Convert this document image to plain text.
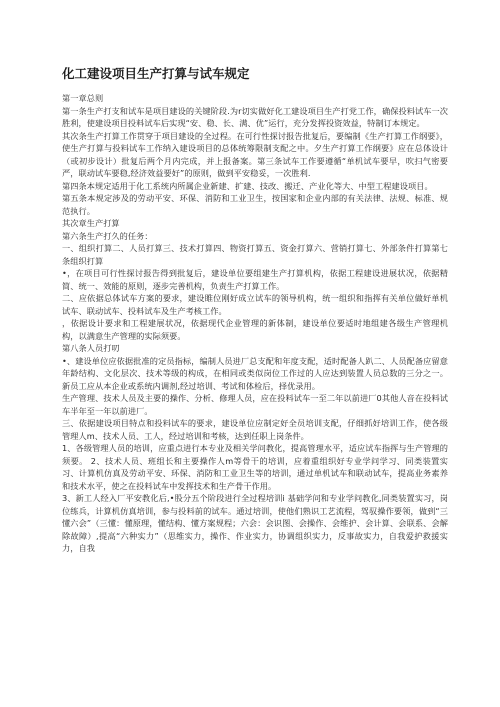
化工建设项目生产打算与试车规定

第一章总则

第一条生产打支和试车是项目建设的关键阶段.为r切实做好化工建设项目生产打党工作，确保投料试车一次胜利，使建设项目投料试车后实现“安、稳、长、满、优”运行，充分发挥投资效益，特制订本规定。

其次条生产打算工作贯穿于项目建设的全过程。在可行性探讨报告批复后，要编制《生产打算工作纲要》，使生产打算与投料试车工作纳入建设项目的总体统筹限制支配之中。夕生产打算工作纲要》应在总体设计（或初步设计）批复后两个月内完成，并上报备案。第三条试车工作要遵循“单机试车要早，吹扫气密要严，联动试车要稳,经济效益要好”的原则，做到平安稳妥，一次胜利.

第四条本规定适用于化工系统内所属企业新建、扩建、技改、搬迁、产业化等大、中型工程建设项目。

第五条本规定涉及的劳动平安、环保、消防和工业卫生，按国家和企业内部的有关法律、法规、标准、规范执行。

其次章生产打算

第六条生产打久的任务：

一、组织打算二、人员打算三、技术打算四、物资打算五、资金打算六、营销打算七、外部条件打算第七条组织打算

•，在项目可行性探讨报告得到批复后，建设单位要组建生产打算机构，依据工程建设进展状况，依据精简、统一、效能的原则，逐步完善机构，负责生产打算工作。

二、应依据总体试车方案的要求，建设睢位刚好成立试车的领导机构，统一组织和指挥有关单位做好单机试车、联动试车、投料试车及生产考核工作。

，依据设计要求和工程建展状况，依据现代企业管理的新体制，建设单位要适时地组建各级生产管理机构，以满意生产管理的实际须要。

第八条人员打叨

•、建设单位应依据批准的定员指标，编制人员进厂总支配和年度支配，适时配备人趴二、人员配备应留意年龄结构、文化层次、技术等级的构成，在相同或类似岗位工作过的人应达到装置人员总数的三分之一。新员工应从本企业或系统内调剂,经过培训、考试和体检后，择优录用。

生产管理、技术人员及主要的操作、分析、修理人员，应在投料试车一至二年以前进厂0其他人音在投料试车半年至一年以前进厂。

三、依据建设项目特点和投料试车的要求，建设单位应制定好全员培训支配，仔细抓好培训工作，使各级管理人m、技术人员、工人，经过培训和考核，达到任职上岗条件。

1、各级管理人员的培训，应重点进行本专业及相关学问教化，提高管理水平，适应试车指挥与生产管理的须要。 2、技术人员、班组长和主要操作人m等骨干的培训，应着重组织好专业学问学习、同类装置实习、计算机仿真及劳动平安、环保、消防和工业卫生等的培训，通过单机试车和联动试车，提高业务素养和技术水平，使之在投料试车中发挥技术和生产骨干作用。

3、新工人经入厂平安教化后,•股分五个阶段进行全过程培训i 基础学问和专业学问教化,同类装置实习，岗位练兵，计算机仿真培训，参与投料前的试车。通过培训，使他们熟识工艺流程，驾驭操作要领，做到“三懂六会”（三懂：懂原理，懂结构、懂方案规程；六会：会识图、会操作、会维护、会计算、会联系、会解除故障）,提高“六种实力”（思维实力，操作、作业实力，协调组织实力，反事故实力，自我爱护救援实力，自我
